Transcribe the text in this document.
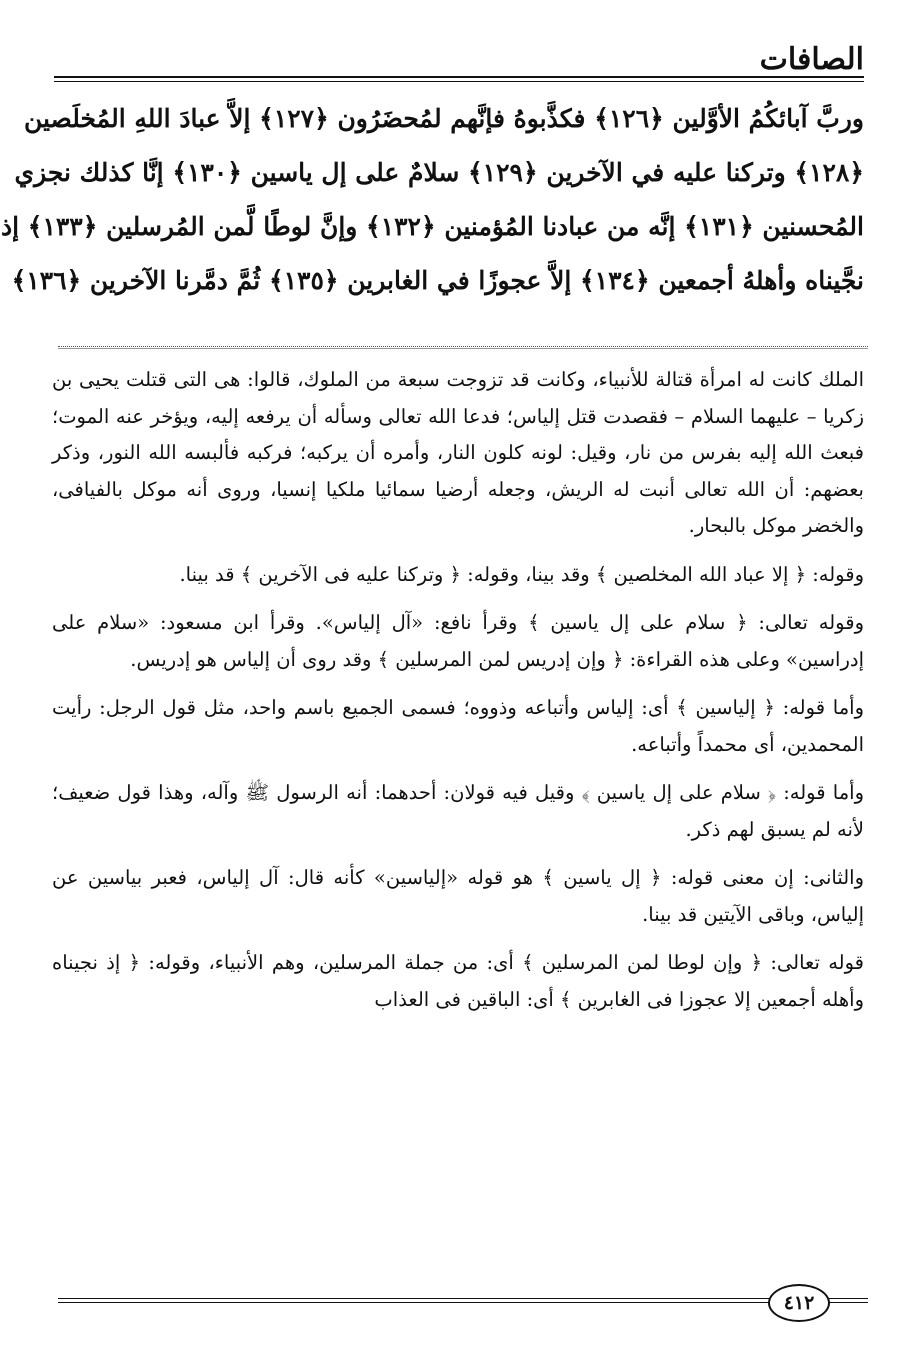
الصافات
وربَّ آبائكُمُ الأوَّلين ﴿١٢٦﴾ فكذَّبوهُ فإنَّهم لمُحضَرُون ﴿١٢٧﴾ إلاَّ عبادَ اللهِ المُخلَصين
﴿١٢٨﴾ وتركنا عليه في الآخرين ﴿١٢٩﴾ سلامٌ على إل ياسين ﴿١٣٠﴾ إنَّا كذلك نجزي
المُحسنين ﴿١٣١﴾ إنَّه من عبادنا المُؤمنين ﴿١٣٢﴾ وإنَّ لوطًا لَّمن المُرسلين ﴿١٣٣﴾ إذ
نجَّيناه وأهلهُ أجمعين ﴿١٣٤﴾ إلاَّ عجوزًا في الغابرين ﴿١٣٥﴾ ثُمَّ دمَّرنا الآخرين ﴿١٣٦﴾

الملك كانت له امرأة قتالة للأنبياء، وكانت قد تزوجت سبعة من الملوك، قالوا: هى التى قتلت يحيى بن زكريا – عليهما السلام – فقصدت قتل إلياس؛ فدعا الله تعالى وسأله أن يرفعه إليه، ويؤخر عنه الموت؛ فبعث الله إليه بفرس من نار، وقيل: لونه كلون النار، وأمره أن يركبه؛ فركبه فألبسه الله النور، وذكر بعضهم: أن الله تعالى أنبت له الريش، وجعله أرضيا سمائيا ملكيا إنسيا، وروى أنه موكل بالفيافى، والخضر موكل بالبحار.

وقوله: ﴿ إلا عباد الله المخلصين ﴾ وقد بينا، وقوله: ﴿ وتركنا عليه فى الآخرين ﴾ قد بينا.

وقوله تعالى: ﴿ سلام على إل ياسين ﴾ وقرأ نافع: «آل إلياس». وقرأ ابن مسعود: «سلام على إدراسين» وعلى هذه القراءة: ﴿ وإن إدريس لمن المرسلين ﴾ وقد روى أن إلياس هو إدريس.

وأما قوله: ﴿ إلياسين ﴾ أى: إلياس وأتباعه وذووه؛ فسمى الجميع باسم واحد، مثل قول الرجل: رأيت المحمدين، أى محمداً وأتباعه.

وأما قوله: ﴿ سلام على إل ياسين ﴾ وقيل فيه قولان: أحدهما: أنه الرسول ﷺ وآله، وهذا قول ضعيف؛ لأنه لم يسبق لهم ذكر.

والثانى: إن معنى قوله: ﴿ إل ياسين ﴾ هو قوله «إلياسين» كأنه قال: آل إلياس، فعبر بياسين عن إلياس، وباقى الآيتين قد بينا.

قوله تعالى: ﴿ وإن لوطا لمن المرسلين ﴾ أى: من جملة المرسلين، وهم الأنبياء، وقوله: ﴿ إذ نجيناه وأهله أجمعين إلا عجوزا فى الغابرين ﴾ أى: الباقين فى العذاب

٤١٢
